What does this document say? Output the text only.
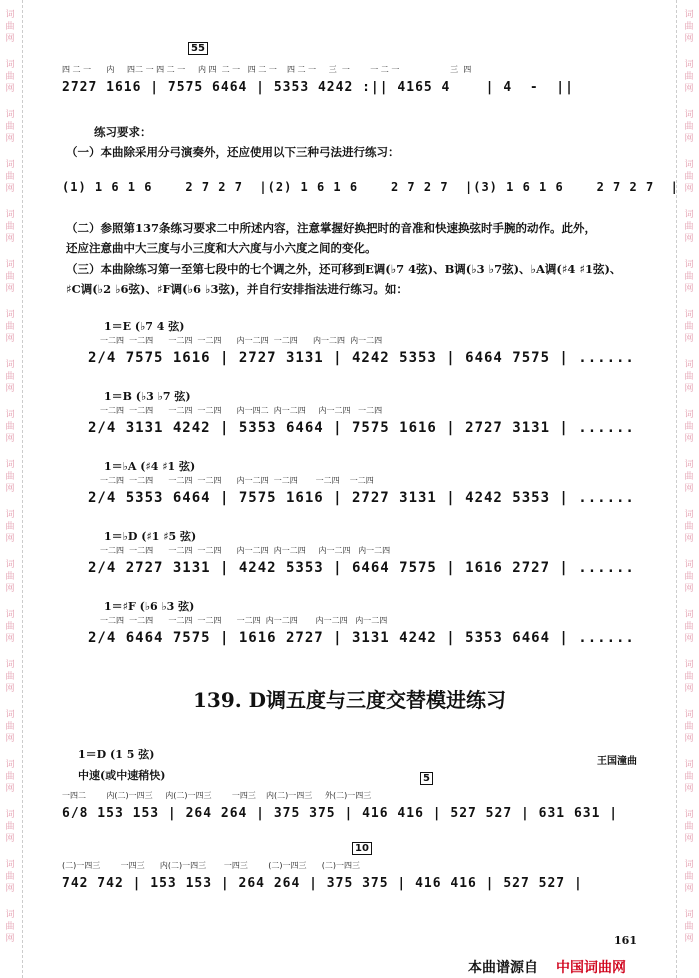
词
曲
网
词
曲
网
词
曲
网
词
曲
网
词
曲
网
词
曲
网
词
曲
网
词
曲
网
词
曲
网
词
曲
网
词
曲
网
词
曲
网
词
曲
网
词
曲
网
词
曲
网
词
曲
网
词
曲
网
词
曲
网
词
曲
网
词
曲
网
词
曲
网
词
曲
网
词
曲
网
词
曲
网
词
曲
网
词
曲
网
词
曲
网
词
曲
网
词
曲
网
词
曲
网
词
曲
网
词
曲
网
词
曲
网
词
曲
网
词
曲
网
词
曲
网
词
曲
网
词
曲
网
55
四 二 一      内     四二 一 四 二 一     内 四  二 一   四 二 一    四 二 一     三  一        一 二 一                    三  四
2727 1616 | 7575 6464 | 5353 4242 :|| 4165 4    | 4  -  ||
练习要求：
（一）本曲除采用分弓演奏外，还应使用以下三种弓法进行练习：
(1) 1 6 1 6    2 7 2 7  |(2) 1 6 1 6    2 7 2 7  |(3) 1 6 1 6    2 7 2 7  |
（二）参照第137条练习要求二中所述内容，注意掌握好换把时的音准和快速换弦时手腕的动作。此外，
还应注意曲中大三度与小三度和大六度与小六度之间的变化。
（三）本曲除练习第一至第七段中的七个调之外，还可移到E调(♭7 4弦)、B调(♭3 ♭7弦)、♭A调(♯4 ♯1弦)、
♯C调(♭2 ♭6弦)、♯F调(♭6 ♭3弦)，并自行安排指法进行练习。如：
1＝E (♭7 4 弦)
一二四  一二四      一二四  一二四      内一二四  一二四      内一二四  内一二四
2/4 7575 1616 | 2727 3131 | 4242 5353 | 6464 7575 | ......
1＝B (♭3 ♭7 弦)
一二四  一二四      一二四  一二四      内一四二  内一二四     内一二四   一二四
2/4 3131 4242 | 5353 6464 | 7575 1616 | 2727 3131 | ......
1＝♭A (♯4 ♯1 弦)
一二四  一二四      一二四  一二四      内一二四  一二四       一二四    一二四
2/4 5353 6464 | 7575 1616 | 2727 3131 | 4242 5353 | ......
1＝♭D (♯1 ♯5 弦)
一二四  一二四      一二四  一二四      内一二四  内一二四     内一二四   内一二四
2/4 2727 3131 | 4242 5353 | 6464 7575 | 1616 2727 | ......
1＝♯F (♭6 ♭3 弦)
一二四  一二四      一二四  一二四      一二四  内一二四       内一二四   内一二四
2/4 6464 7575 | 1616 2727 | 3131 4242 | 5353 6464 | ......
139. D调五度与三度交替模进练习
1＝D (1 5 弦)
王国潼曲
中速(或中速稍快)	5
一四二        内(二)一四三     内(二)一四三        一四三    内(二)一四三     外(二)一四三
6/8 153 153 | 264 264 | 375 375 | 416 416 | 527 527 | 631 631 |
10
(二)一四三        一四三      内(二)一四三       一四三        (二)一四三      (二)一四三
742 742 | 153 153 | 264 264 | 375 375 | 416 416 | 527 527 |
161
本曲谱源自 中国词曲网
